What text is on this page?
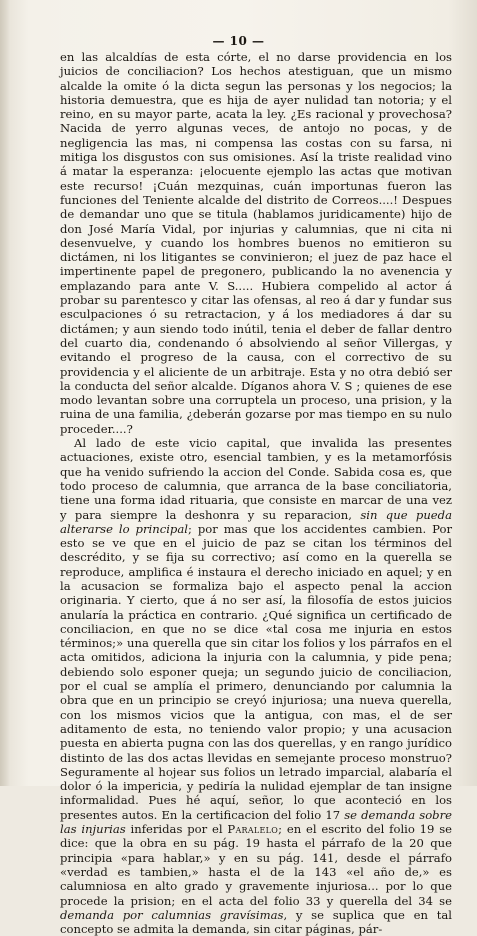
— 10 —

en las alcaldías de esta córte, el no darse providencia en los juicios de conciliacion? Los hechos atestiguan, que un mismo alcalde la omite ó la dicta segun las personas y los negocios; la historia demuestra, que es hija de ayer nulidad tan notoria; y el reino, en su mayor parte, acata la ley. ¿Es racional y provechosa? Nacida de yerro algunas veces, de antojo no pocas, y de negligencia las mas, ni compensa las costas con su farsa, ni mitiga los disgustos con sus omisiones. Así la triste realidad vino á matar la esperanza: ¡elocuente ejemplo las actas que motivan este recurso! ¡Cuán mezquinas, cuán importunas fueron las funciones del Teniente alcalde del distrito de Correos....! Despues de demandar uno que se titula (hablamos juridicamente) hijo de don José María Vidal, por injurias y calumnias, que ni cita ni desenvuelve, y cuando los hombres buenos no emitieron su dictámen, ni los litigantes se convinieron; el juez de paz hace el impertinente papel de pregonero, publicando la no avenencia y emplazando para ante V. S..... Hubiera compelido al actor á probar su parentesco y citar las ofensas, al reo á dar y fundar sus esculpaciones ó su retractacion, y á los mediadores á dar su dictámen; y aun siendo todo inútil, tenia el deber de fallar dentro del cuarto dia, condenando ó absolviendo al señor Villergas, y evitando el progreso de la causa, con el correctivo de su providencia y el aliciente de un arbitraje. Esta y no otra debió ser la conducta del señor alcalde. Díganos ahora V. S ; quienes de ese modo levantan sobre una corruptela un proceso, una prision, y la ruina de una familia, ¿deberán gozarse por mas tiempo en su nulo proceder....?

Al lado de este vicio capital, que invalida las presentes actuaciones, existe otro, esencial tambien, y es la metamorfósis que ha venido sufriendo la accion del Conde. Sabida cosa es, que todo proceso de calumnia, que arranca de la base conciliatoria, tiene una forma idad rituaria, que consiste en marcar de una vez y para siempre la deshonra y su reparacion, sin que pueda alterarse lo principal; por mas que los accidentes cambien. Por esto se ve que en el juicio de paz se citan los términos del descrédito, y se fija su correctivo; así como en la querella se reproduce, amplifica é instaura el derecho iniciado en aquel; y en la acusacion se formaliza bajo el aspecto penal la accion originaria. Y cierto, que á no ser así, la filosofía de estos juicios anularía la práctica en contrario. ¿Qué significa un certificado de conciliacion, en que no se dice «tal cosa me injuria en estos términos;» una querella que sin citar los folios y los párrafos en el acta omitidos, adiciona la injuria con la calumnia, y pide pena; debiendo solo esponer queja; un segundo juicio de conciliacion, por el cual se amplía el primero, denunciando por calumnia la obra que en un principio se creyó injuriosa; una nueva querella, con los mismos vicios que la antigua, con mas, el de ser aditamento de esta, no teniendo valor propio; y una acusacion puesta en abierta pugna con las dos querellas, y en rango jurídico distinto de las dos actas llevidas en semejante proceso monstruo? Seguramente al hojear sus folios un letrado imparcial, alabaría el dolor ó la impericia, y pediría la nulidad ejemplar de tan insigne informalidad. Pues hé aquí, señor, lo que aconteció en los presentes autos. En la certificacion del folio 17 se demanda sobre las injurias inferidas por el Paralelo; en el escrito del folio 19 se dice: que la obra en su pág. 19 hasta el párrafo de la 20 que principia «para hablar,» y en su pág. 141, desde el párrafo «verdad es tambien,» hasta el de la 143 «el año de,» es calumniosa en alto grado y gravemente injuriosa... por lo que procede la prision; en el acta del folio 33 y querella del 34 se demanda por calumnias gravísimas, y se suplica que en tal concepto se admita la demanda, sin citar páginas, pár-
